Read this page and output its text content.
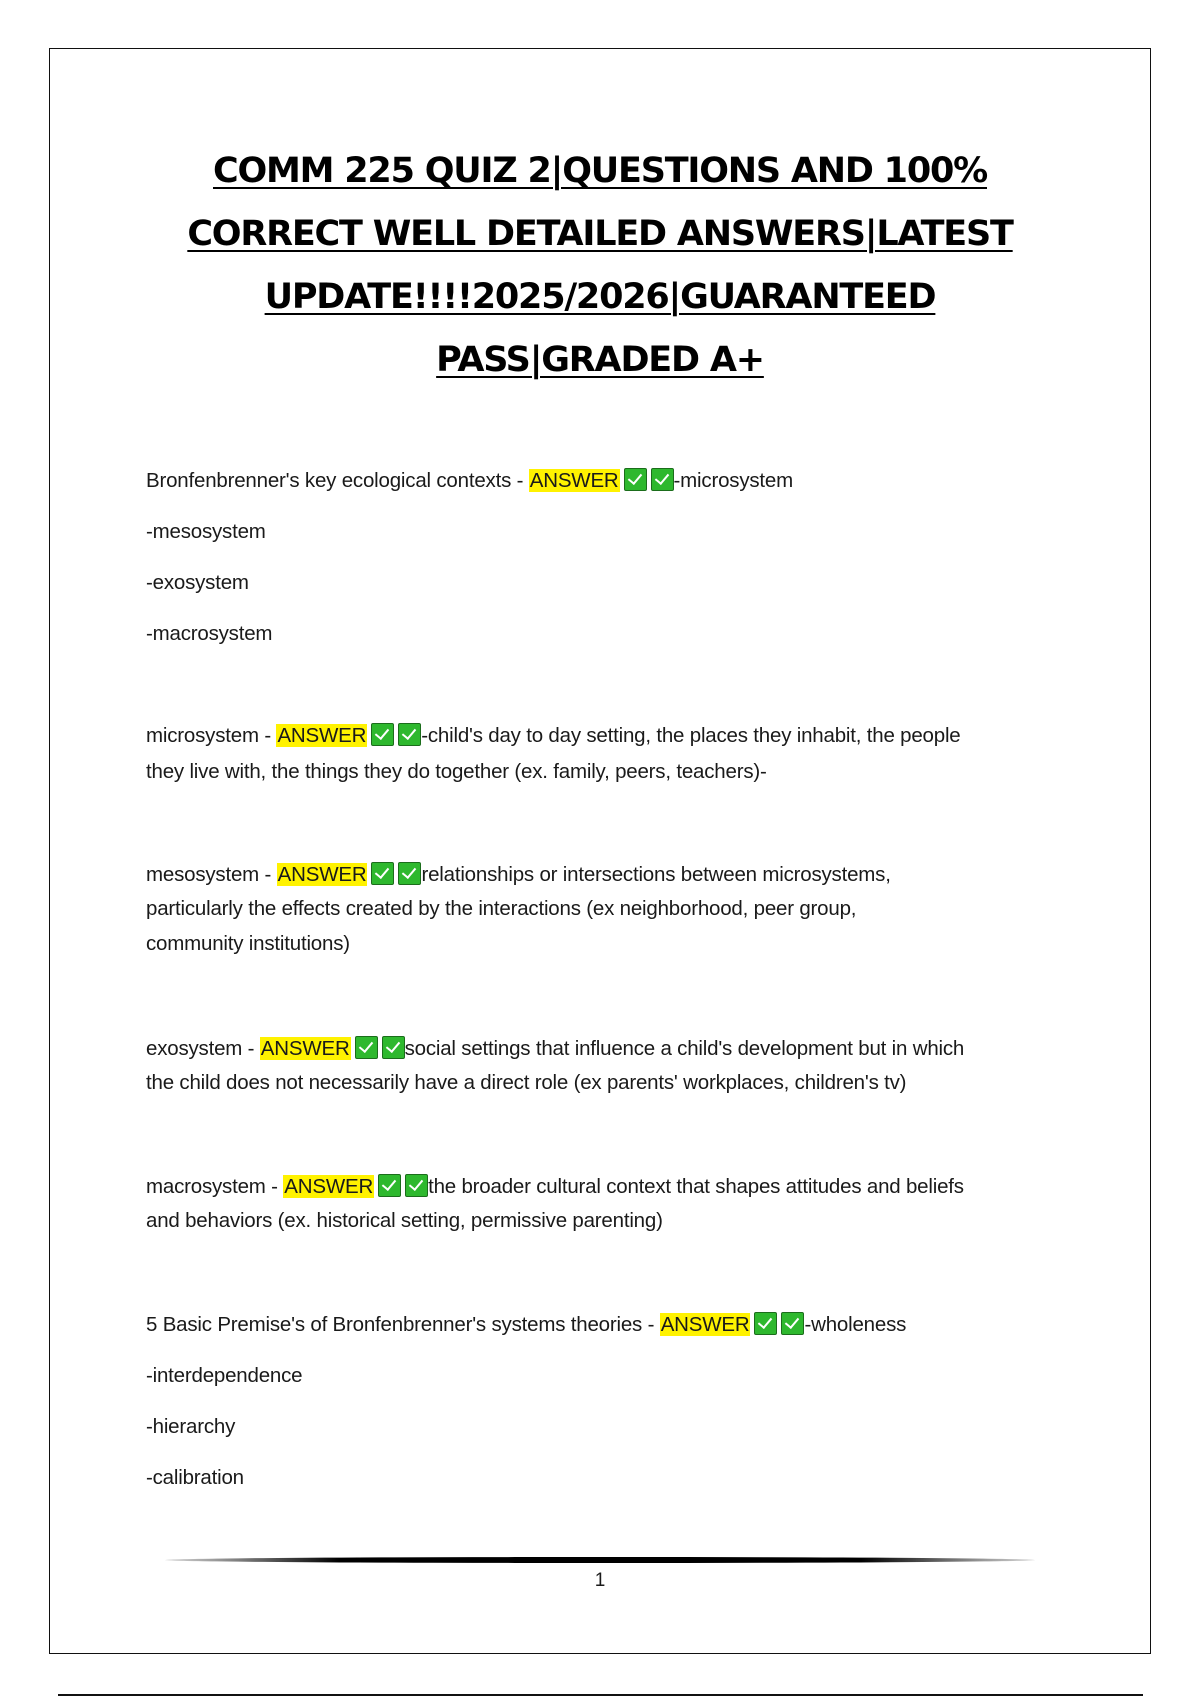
COMM 225 QUIZ 2|QUESTIONS AND 100%
CORRECT WELL DETAILED ANSWERS|LATEST
UPDATE!!!!2025/2026|GUARANTEED
PASS|GRADED A+

Bronfenbrenner's key ecological contexts - ANSWER	-microsystem

-mesosystem

-exosystem

-macrosystem

microsystem - ANSWER	-child's day to day setting, the places they inhabit, the people

they live with, the things they do together (ex. family, peers, teachers)-

mesosystem - ANSWER	relationships or intersections between microsystems,

particularly the effects created by the interactions (ex neighborhood, peer group,

community institutions)

exosystem - ANSWER	social settings that influence a child's development but in which

the child does not necessarily have a direct role (ex parents' workplaces, children's tv)

macrosystem - ANSWER	the broader cultural context that shapes attitudes and beliefs

and behaviors (ex. historical setting, permissive parenting)

5 Basic Premise's of Bronfenbrenner's systems theories - ANSWER	-wholeness

-interdependence

-hierarchy

-calibration

1
